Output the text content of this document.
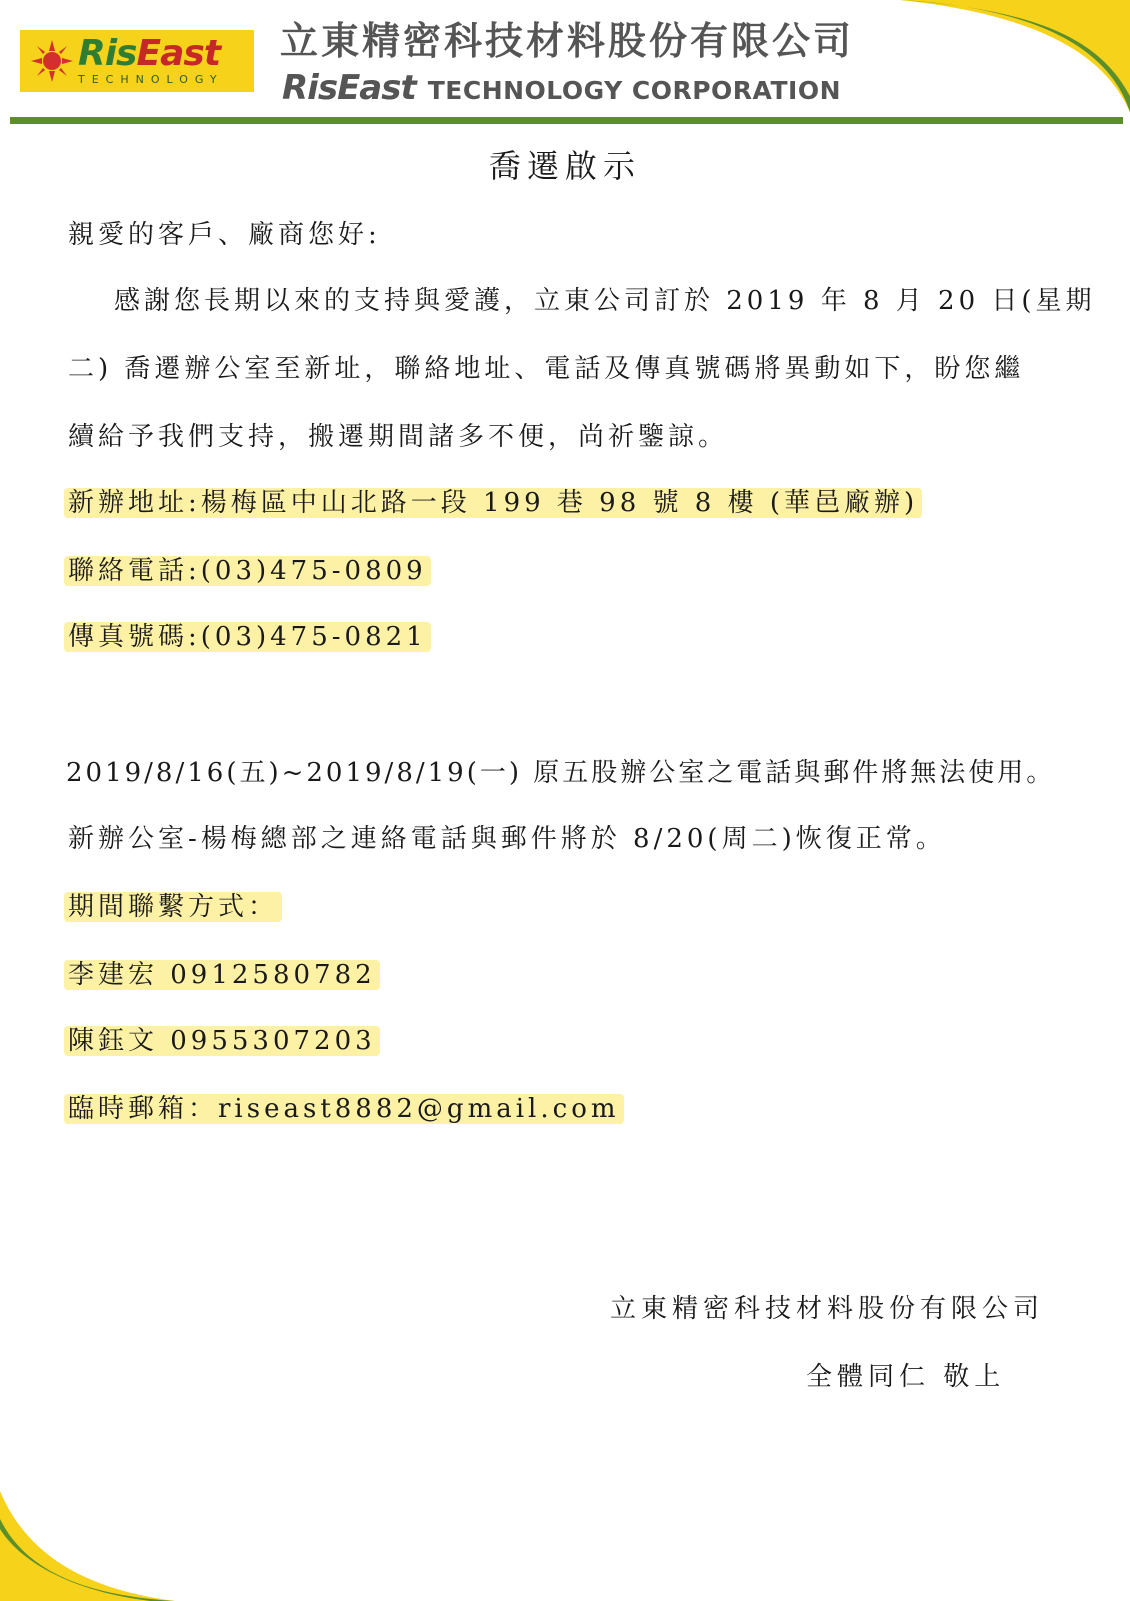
RisEast
TECHNOLOGY
立東精密科技材料股份有限公司
RisEast TECHNOLOGY CORPORATION
喬遷啟示
親愛的客戶、廠商您好:
感謝您長期以來的支持與愛護，立東公司訂於 2019 年 8 月 20 日(星期
二) 喬遷辦公室至新址，聯絡地址、電話及傳真號碼將異動如下，盼您繼
續給予我們支持，搬遷期間諸多不便，尚祈鑒諒。
新辦地址:楊梅區中山北路一段 199 巷 98 號 8 樓 (華邑廠辦)
聯絡電話:(03)475-0809
傳真號碼:(03)475-0821
2019/8/16(五)~2019/8/19(一) 原五股辦公室之電話與郵件將無法使用。
新辦公室-楊梅總部之連絡電話與郵件將於 8/20(周二)恢復正常。
期間聯繫方式：
李建宏 0912580782
陳鈺文 0955307203
臨時郵箱：riseast8882@gmail.com
立東精密科技材料股份有限公司
全體同仁 敬上
